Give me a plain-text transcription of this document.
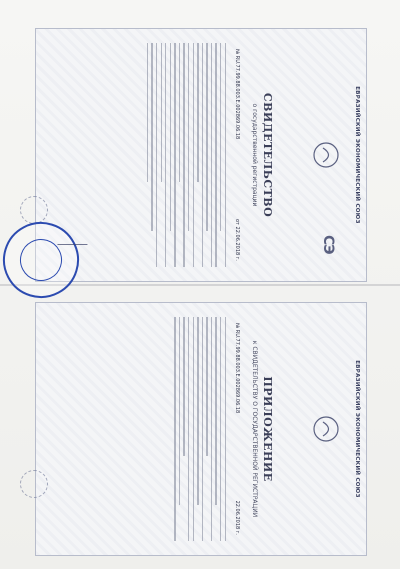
ЕВРАЗИЙСКИЙ ЭКОНОМИЧЕСКИЙ СОЮЗ
СЭ
СВИДЕТЕЛЬСТВО
о государственной регистрации
№ RU.77.99.88.003.Е.002869.06.18
от 22.06.2018 г.
ЕВРАЗИЙСКИЙ ЭКОНОМИЧЕСКИЙ СОЮЗ
ПРИЛОЖЕНИЕ
к СВИДЕТЕЛЬСТВУ О ГОСУДАРСТВЕННОЙ РЕГИСТРАЦИИ
№ RU.77.99.88.003.Е.002869.06.18
22.06.2018 г.
